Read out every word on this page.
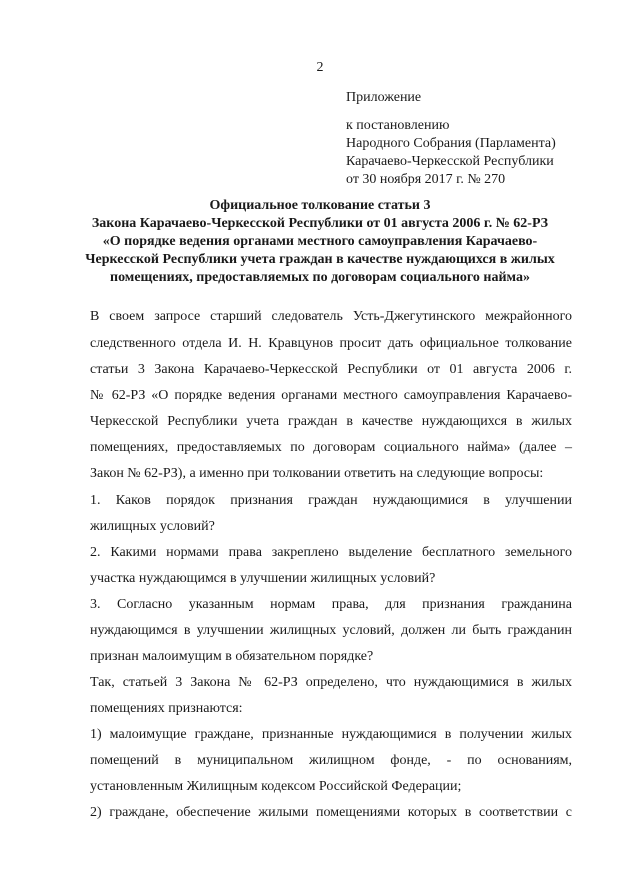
2
Приложение
к постановлению
Народного Собрания (Парламента)
Карачаево-Черкесской Республики
от 30 ноября 2017 г. № 270
Официальное толкование статьи 3
Закона Карачаево-Черкесской Республики от 01 августа 2006 г. № 62-РЗ
«О порядке ведения органами местного самоуправления Карачаево-
Черкесской Республики учета граждан в качестве нуждающихся в жилых
помещениях, предоставляемых по договорам социального найма»
В своем запросе старший следователь Усть-Джегутинского межрайонного
следственного отдела И. Н. Кравцунов просит дать официальное толкование
статьи 3 Закона Карачаево-Черкесской Республики от 01 августа 2006 г.
№ 62-РЗ «О порядке ведения органами местного самоуправления Карачаево-
Черкесской Республики учета граждан в качестве нуждающихся в жилых
помещениях, предоставляемых по договорам социального найма» (далее –
Закон № 62-РЗ), а именно при толковании ответить на следующие вопросы:
1. Каков порядок признания граждан нуждающимися в улучшении
жилищных условий?
2. Какими нормами права закреплено выделение бесплатного земельного
участка нуждающимся в улучшении жилищных условий?
3. Согласно указанным нормам права, для признания гражданина
нуждающимся в улучшении жилищных условий, должен ли быть гражданин
признан малоимущим в обязательном порядке?
Так, статьей 3 Закона № 62-РЗ определено, что нуждающимися в жилых
помещениях признаются:
1) малоимущие граждане, признанные нуждающимися в получении жилых
помещений в муниципальном жилищном фонде, - по основаниям,
установленным Жилищным кодексом Российской Федерации;
2) граждане, обеспечение жилыми помещениями которых в соответствии с
